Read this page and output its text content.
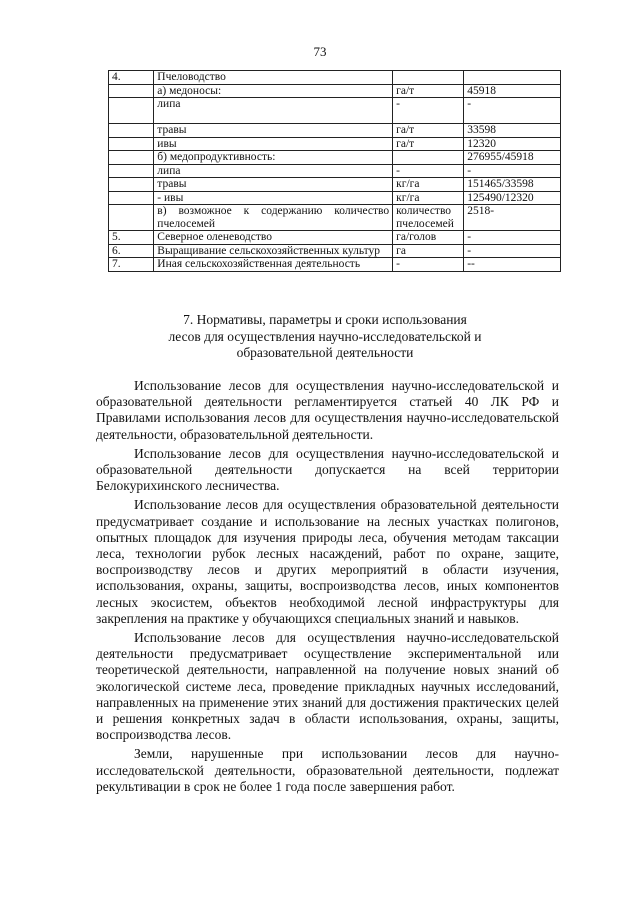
73
4.	Пчеловодство		
	а) медоносы:	га/т	45918
	липа	-	-
	травы	га/т	33598
	ивы	га/т	12320
	б) медопродуктивность:		276955/45918
	липа	-	-
	травы	кг/га	151465/33598
	- ивы	кг/га	125490/12320
	в) возможное к содержанию количество пчелосемей	количество пчелосемей	2518-
5.	Северное оленеводство	га/голов	-
6.	Выращивание сельскохозяйственных культур	га	-
7.	Иная сельскохозяйственная деятельность	-	--
7. Нормативы, параметры и сроки использования
лесов для осуществления научно-исследовательской и
образовательной деятельности

Использование лесов для осуществления научно-исследовательской и образовательной деятельности регламентируется статьей 40 ЛК РФ и Правилами использования лесов для осуществления научно-исследовательской деятельности, образовательльной деятельности.

Использование лесов для осуществления научно-исследовательской и образовательной деятельности допускается на всей территории Белокурихинского лесничества.

Использование лесов для осуществления образовательной деятельности предусматривает создание и использование на лесных участках полигонов, опытных площадок для изучения природы леса, обучения методам таксации леса, технологии рубок лесных насаждений, работ по охране, защите, воспроизводству лесов и других мероприятий в области изучения, использования, охраны, защиты, воспроизводства лесов, иных компонентов лесных экосистем, объектов необходимой лесной инфраструктуры для закрепления на практике у обучающихся специальных знаний и навыков.

Использование лесов для осуществления научно-исследовательской деятельности предусматривает осуществление экспериментальной или теоретической деятельности, направленной на получение новых знаний об экологической системе леса, проведение прикладных научных исследований, направленных на применение этих знаний для достижения практических целей и решения конкретных задач в области использования, охраны, защиты, воспроизводства лесов.

Земли, нарушенные при использовании лесов для научно-исследовательской деятельности, образовательной деятельности, подлежат рекультивации в срок не более 1 года после завершения работ.
